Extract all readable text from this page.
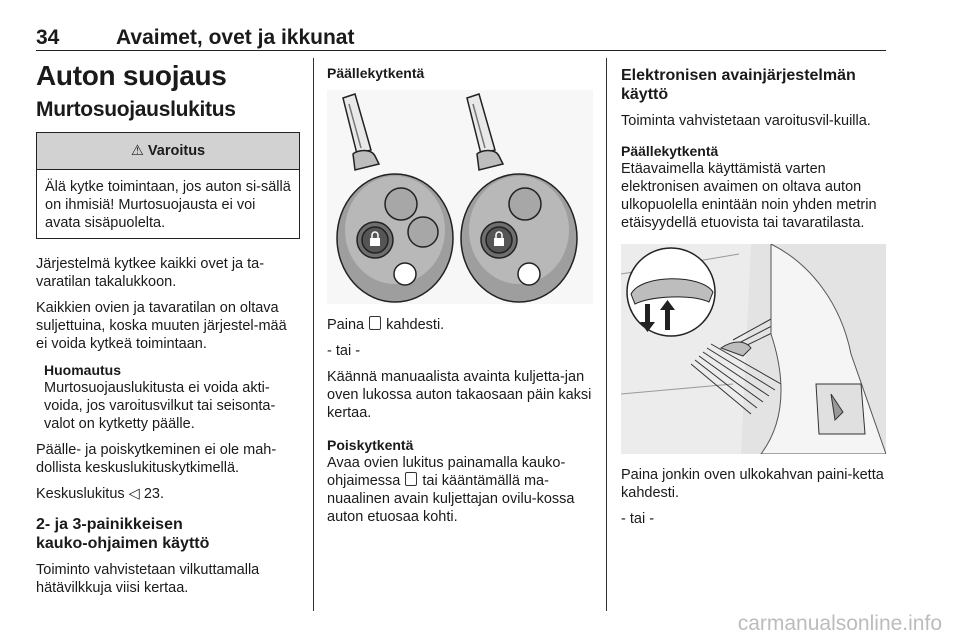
34	Avaimet, ovet ja ikkunat
Auton suojaus
Murtosuojauslukitus
⚠ Varoitus
Älä kytke toimintaan, jos auton si-sällä on ihmisiä! Murtosuojausta ei voi avata sisäpuolelta.

Järjestelmä kytkee kaikki ovet ja ta-varatilan takalukkoon.

Kaikkien ovien ja tavaratilan on oltava suljettuina, koska muuten järjestel-mää ei voida kytkeä toimintaan.

Huomautus
Murtosuojauslukitusta ei voida akti-voida, jos varoitusvilkut tai seisonta-valot on kytketty päälle.

Päälle- ja poiskytkeminen ei ole mah-dollista keskuslukituskytkimellä.

Keskuslukitus ◁ 23.

2- ja 3-painikkeisen
kauko-ohjaimen käyttö

Toiminto vahvistetaan vilkuttamalla hätävilkkuja viisi kertaa.

Päällekytkentä

Paina kahdesti.

- tai -

Käännä manuaalista avainta kuljetta-jan oven lukossa auton takaosaan päin kaksi kertaa.

Poiskytkentä

Avaa ovien lukitus painamalla kauko-ohjaimessa tai kääntämällä ma-nuaalinen avain kuljettajan ovilu-kossa auton etuosaa kohti.

Elektronisen avainjärjestelmän käyttö

Toiminta vahvistetaan varoitusvil-kuilla.

Päällekytkentä

Etäavaimella käyttämistä varten elektronisen avaimen on oltava auton ulkopuolella enintään noin yhden metrin etäisyydellä etuovista tai tavaratilasta.

Paina jonkin oven ulkokahvan paini-ketta kahdesti.

- tai -

carmanualsonline.info
